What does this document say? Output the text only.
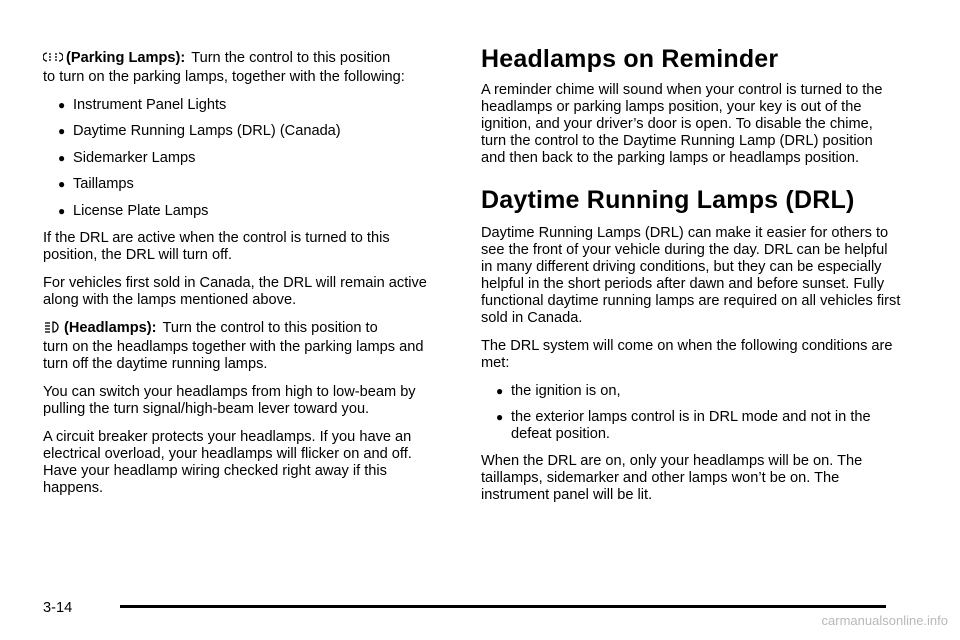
(Parking Lamps): Turn the control to this position
to turn on the parking lamps, together with the following:
● Instrument Panel Lights
● Daytime Running Lamps (DRL) (Canada)
● Sidemarker Lamps
● Taillamps
● License Plate Lamps

If the DRL are active when the control is turned to this position, the DRL will turn off.

For vehicles first sold in Canada, the DRL will remain active along with the lamps mentioned above.

(Headlamps): Turn the control to this position to
turn on the headlamps together with the parking lamps and turn off the daytime running lamps.

You can switch your headlamps from high to low-beam by pulling the turn signal/high-beam lever toward you.

A circuit breaker protects your headlamps. If you have an electrical overload, your headlamps will flicker on and off. Have your headlamp wiring checked right away if this happens.

Headlamps on Reminder

A reminder chime will sound when your control is turned to the headlamps or parking lamps position, your key is out of the ignition, and your driver’s door is open. To disable the chime, turn the control to the Daytime Running Lamp (DRL) position and then back to the parking lamps or headlamps position.

Daytime Running Lamps (DRL)

Daytime Running Lamps (DRL) can make it easier for others to see the front of your vehicle during the day. DRL can be helpful in many different driving conditions, but they can be especially helpful in the short periods after dawn and before sunset. Fully functional daytime running lamps are required on all vehicles first sold in Canada.

The DRL system will come on when the following conditions are met:

● the ignition is on,
● the exterior lamps control is in DRL mode and not in the defeat position.

When the DRL are on, only your headlamps will be on. The taillamps, sidemarker and other lamps won’t be on. The instrument panel will be lit.

3-14
carmanualsonline.info
